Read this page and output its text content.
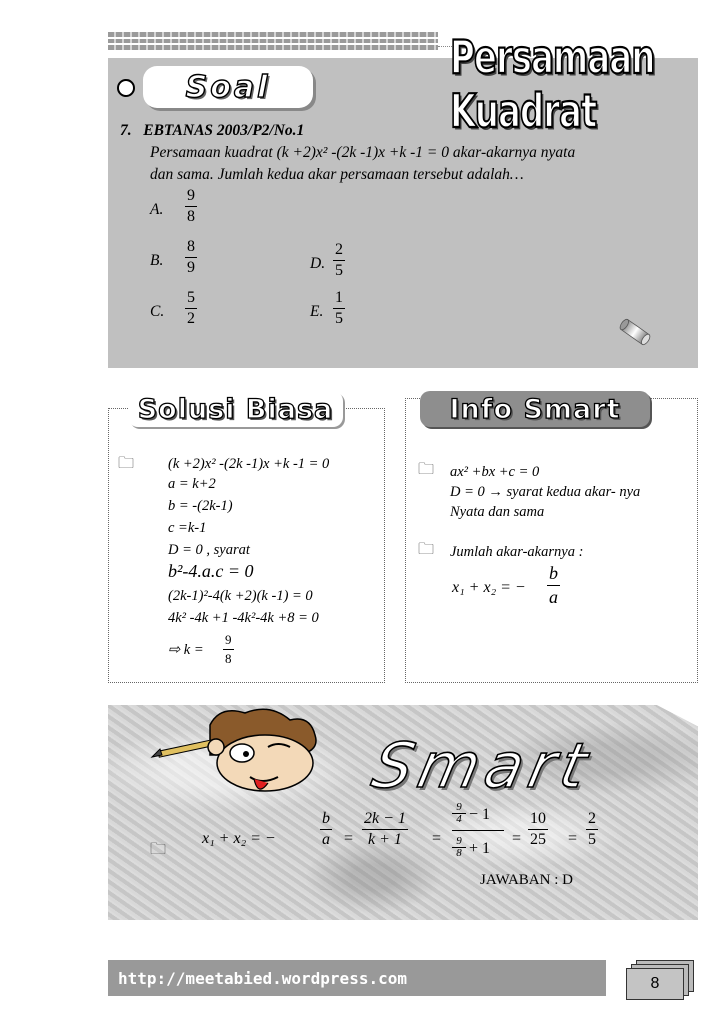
Soal
Persamaan Kuadrat
7. EBTANAS 2003/P2/No.1
Persamaan kuadrat (k +2)x² -(2k -1)x +k -1 = 0 akar-akarnya nyata
dan sama. Jumlah kedua akar persamaan tersebut adalah…
A. $\frac{9}{8}$
B. $\frac{8}{9}$
C. $\frac{5}{2}$
D. $\frac{2}{5}$
E. $\frac{1}{5}$
Solusi Biasa
🗀 (k +2)x² -(2k -1)x +k -1 = 0
a = k+2
b = -(2k-1)
c =k-1
D = 0 , syarat
b²-4.a.c = 0
(2k-1)²-4(k +2)(k -1) = 0
4k² -4k +1 -4k²-4k +8 = 0
⇨ $k = \frac{9}{8}$
Info Smart
🗀 ax² +bx +c = 0
D = 0 → syarat kedua akar- nya
Nyata dan sama
🗀 Jumlah akar-akarnya :
x₁ + x₂ = − $\frac{b}{a}$
Smart
🗀
x₁ + x₂ = −	$\frac{b}{a} = \frac{2k - 1}{k + 1}$ =
9
4 − 1
9
8 + 1
= $\frac{10}{25} = \frac{2}{5}$
JAWABAN : D
http://meetabied.wordpress.com	8
